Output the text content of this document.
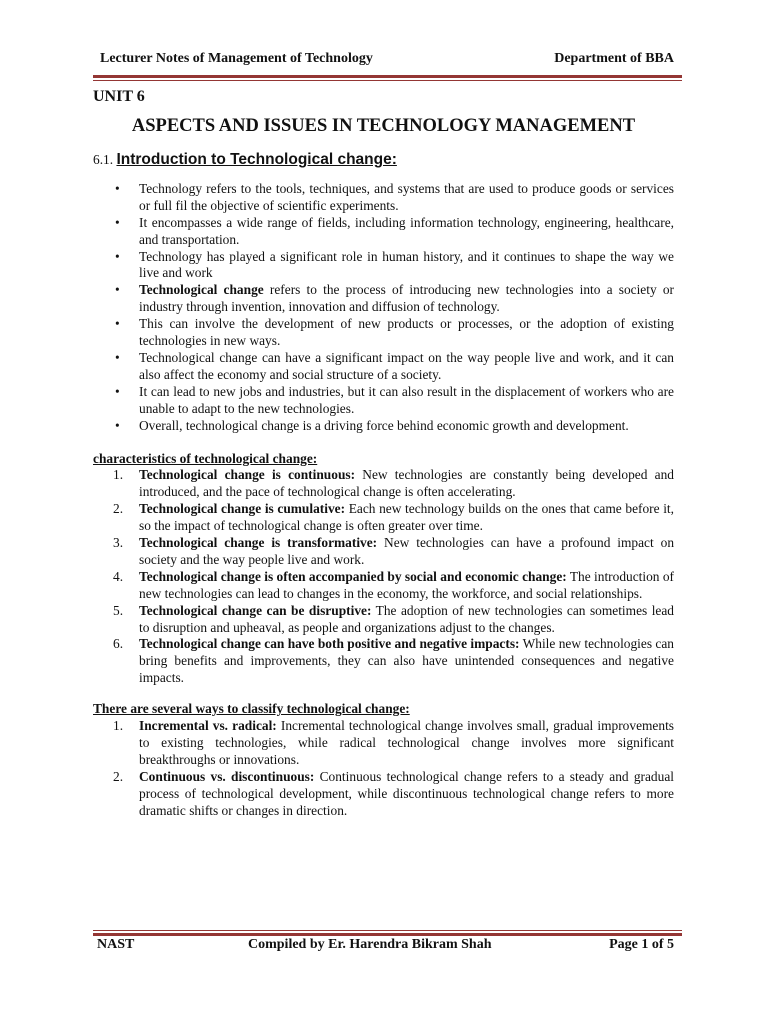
Lecturer Notes of Management of Technology	Department of BBA
UNIT 6
ASPECTS AND ISSUES IN TECHNOLOGY MANAGEMENT
6.1. Introduction to Technological change:
• Technology refers to the tools, techniques, and systems that are used to produce goods or services or full fil the objective of scientific experiments.
• It encompasses a wide range of fields, including information technology, engineering, healthcare, and transportation.
• Technology has played a significant role in human history, and it continues to shape the way we live and work
• Technological change refers to the process of introducing new technologies into a society or industry through invention, innovation and diffusion of technology.
• This can involve the development of new products or processes, or the adoption of existing technologies in new ways.
• Technological change can have a significant impact on the way people live and work, and it can also affect the economy and social structure of a society.
• It can lead to new jobs and industries, but it can also result in the displacement of workers who are unable to adapt to the new technologies.
• Overall, technological change is a driving force behind economic growth and development.
characteristics of technological change:
1. Technological change is continuous: New technologies are constantly being developed and introduced, and the pace of technological change is often accelerating.
2. Technological change is cumulative: Each new technology builds on the ones that came before it, so the impact of technological change is often greater over time.
3. Technological change is transformative: New technologies can have a profound impact on society and the way people live and work.
4. Technological change is often accompanied by social and economic change: The introduction of new technologies can lead to changes in the economy, the workforce, and social relationships.
5. Technological change can be disruptive: The adoption of new technologies can sometimes lead to disruption and upheaval, as people and organizations adjust to the changes.
6. Technological change can have both positive and negative impacts: While new technologies can bring benefits and improvements, they can also have unintended consequences and negative impacts.
There are several ways to classify technological change:
1. Incremental vs. radical: Incremental technological change involves small, gradual improvements to existing technologies, while radical technological change involves more significant breakthroughs or innovations.
2. Continuous vs. discontinuous: Continuous technological change refers to a steady and gradual process of technological development, while discontinuous technological change refers to more dramatic shifts or changes in direction.
NAST	Compiled by Er. Harendra Bikram Shah	Page 1 of 5
